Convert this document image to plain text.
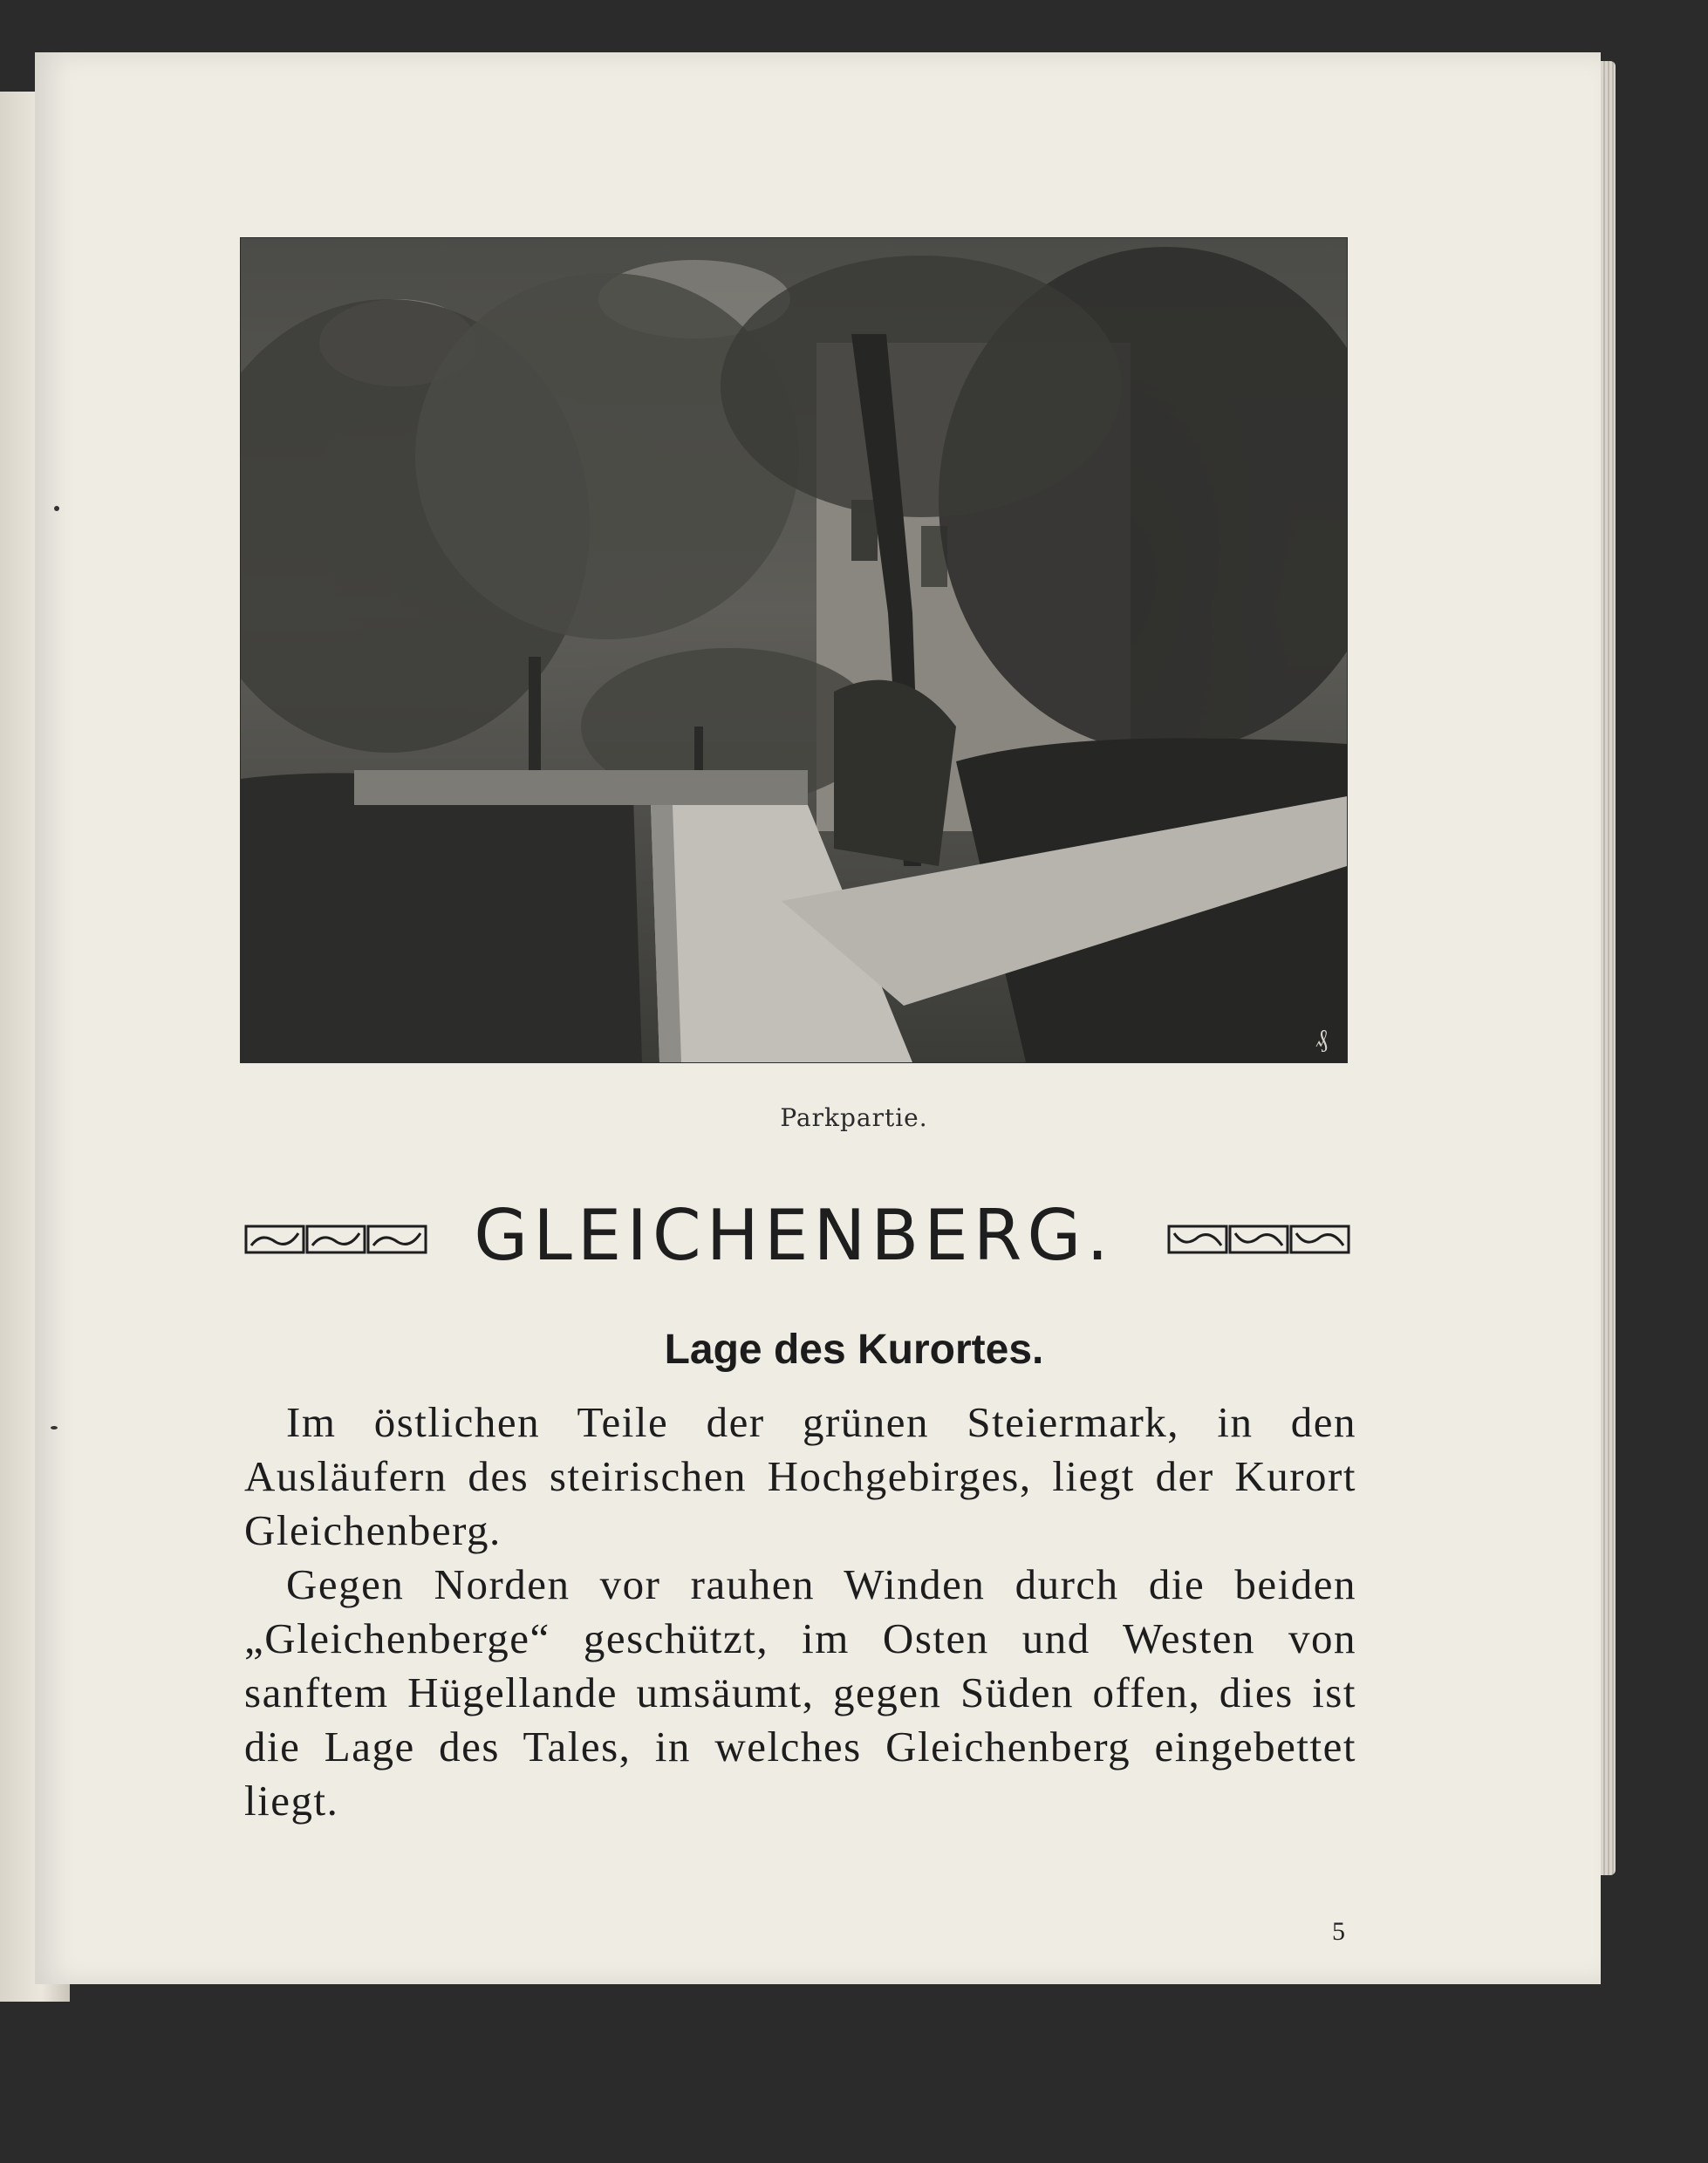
₰
Parkpartie.
GLEICHENBERG.
Lage des Kurortes.

Im östlichen Teile der grünen Steiermark, in den Ausläufern des steirischen Hochgebirges, liegt der Kurort Gleichenberg.

Gegen Norden vor rauhen Winden durch die beiden „Gleichenberge“ geschützt, im Osten und Westen von sanftem Hügellande umsäumt, gegen Süden offen, dies ist die Lage des Tales, in welches Gleichenberg eingebettet liegt.

5
